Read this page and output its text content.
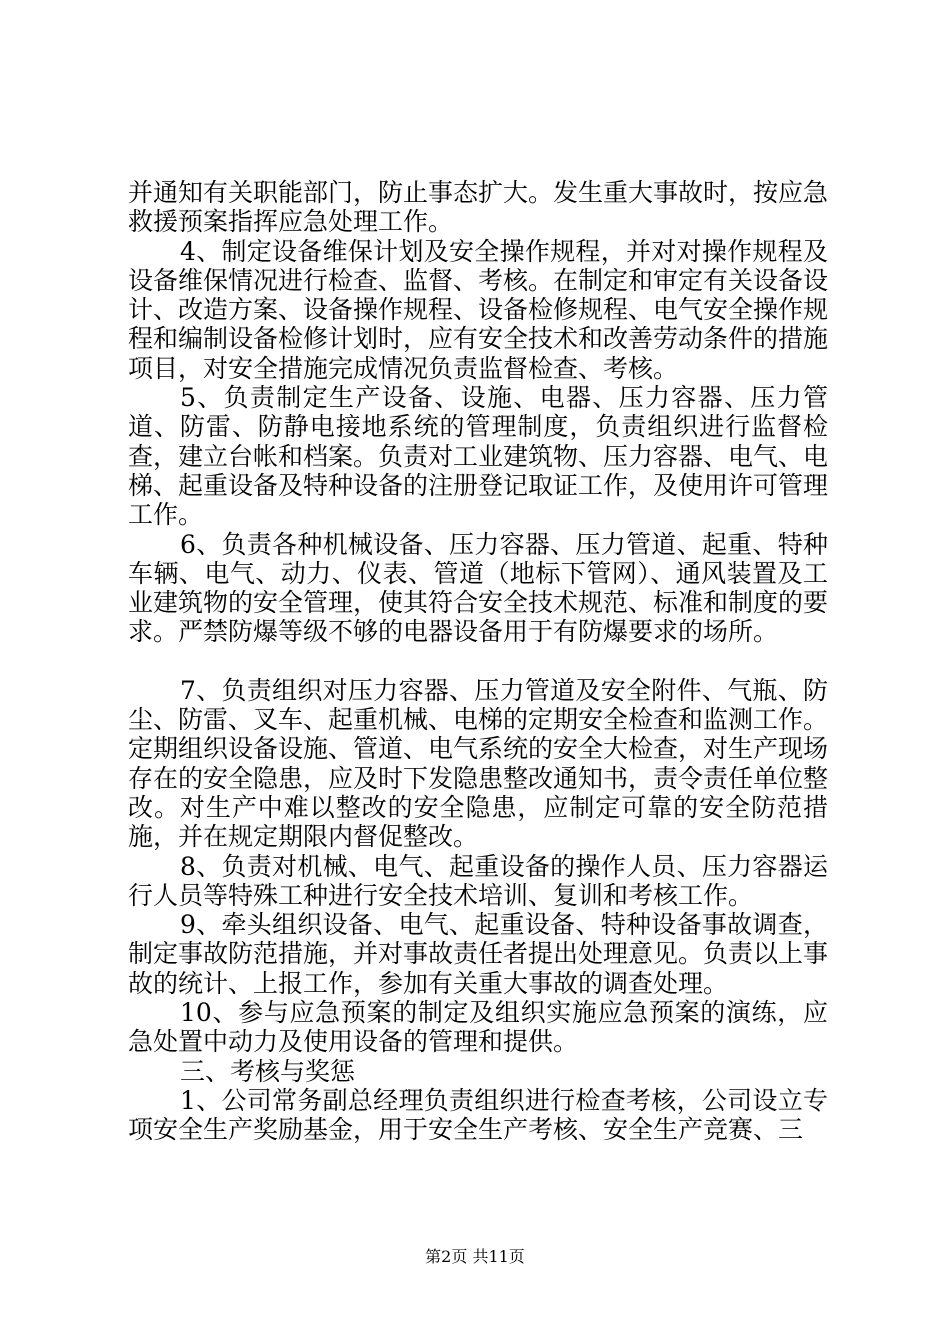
并通知有关职能部门，防止事态扩大。发生重大事故时，按应急救援预案指挥应急处理工作。

4、制定设备维保计划及安全操作规程，并对对操作规程及设备维保情况进行检查、监督、考核。在制定和审定有关设备设计、改造方案、设备操作规程、设备检修规程、电气安全操作规程和编制设备检修计划时，应有安全技术和改善劳动条件的措施项目，对安全措施完成情况负责监督检查、考核。

5、负责制定生产设备、设施、电器、压力容器、压力管道、防雷、防静电接地系统的管理制度，负责组织进行监督检查，建立台帐和档案。负责对工业建筑物、压力容器、电气、电梯、起重设备及特种设备的注册登记取证工作，及使用许可管理工作。

6、负责各种机械设备、压力容器、压力管道、起重、特种车辆、电气、动力、仪表、管道（地标下管网）、通风装置及工业建筑物的安全管理，使其符合安全技术规范、标准和制度的要求。严禁防爆等级不够的电器设备用于有防爆要求的场所。

7、负责组织对压力容器、压力管道及安全附件、气瓶、防尘、防雷、叉车、起重机械、电梯的定期安全检查和监测工作。定期组织设备设施、管道、电气系统的安全大检查，对生产现场存在的安全隐患，应及时下发隐患整改通知书，责令责任单位整改。对生产中难以整改的安全隐患，应制定可靠的安全防范措施，并在规定期限内督促整改。

8、负责对机械、电气、起重设备的操作人员、压力容器运行人员等特殊工种进行安全技术培训、复训和考核工作。

9、牵头组织设备、电气、起重设备、特种设备事故调查，制定事故防范措施，并对事故责任者提出处理意见。负责以上事故的统计、上报工作，参加有关重大事故的调查处理。

10、参与应急预案的制定及组织实施应急预案的演练，应急处置中动力及使用设备的管理和提供。

三、考核与奖惩

1、公司常务副总经理负责组织进行检查考核，公司设立专项安全生产奖励基金，用于安全生产考核、安全生产竞赛、三

第2页 共11页
